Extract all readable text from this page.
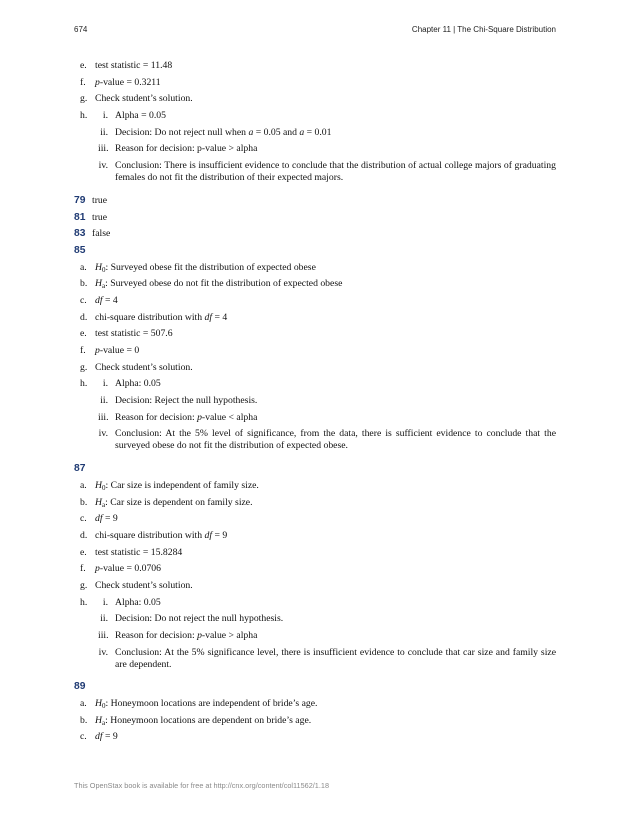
674	Chapter 11 | The Chi-Square Distribution
e. test statistic = 11.48
f. p-value = 0.3211
g. Check student’s solution.
h.	i. Alpha = 0.05
ii. Decision: Do not reject null when a = 0.05 and a = 0.01
iii. Reason for decision: p-value > alpha
iv. Conclusion: There is insufficient evidence to conclude that the distribution of actual college majors of graduating females do not fit the distribution of their expected majors.
79 true
81 true
83 false
85
a. $H_0$: Surveyed obese fit the distribution of expected obese
b. $H_a$: Surveyed obese do not fit the distribution of expected obese
c. df = 4
d. chi-square distribution with df = 4
e. test statistic = 507.6
f. p-value = 0
g. Check student’s solution.
h.	i. Alpha: 0.05
ii. Decision: Reject the null hypothesis.
iii. Reason for decision: p-value < alpha
iv. Conclusion: At the 5% level of significance, from the data, there is sufficient evidence to conclude that the surveyed obese do not fit the distribution of expected obese.
87
a. $H_0$: Car size is independent of family size.
b. $H_a$: Car size is dependent on family size.
c. df = 9
d. chi-square distribution with df = 9
e. test statistic = 15.8284
f. p-value = 0.0706
g. Check student’s solution.
h.	i. Alpha: 0.05
ii. Decision: Do not reject the null hypothesis.
iii. Reason for decision: p-value > alpha
iv. Conclusion: At the 5% significance level, there is insufficient evidence to conclude that car size and family size are dependent.
89
a. $H_0$: Honeymoon locations are independent of bride’s age.
b. $H_a$: Honeymoon locations are dependent on bride’s age.
c. df = 9
This OpenStax book is available for free at http://cnx.org/content/col11562/1.18
